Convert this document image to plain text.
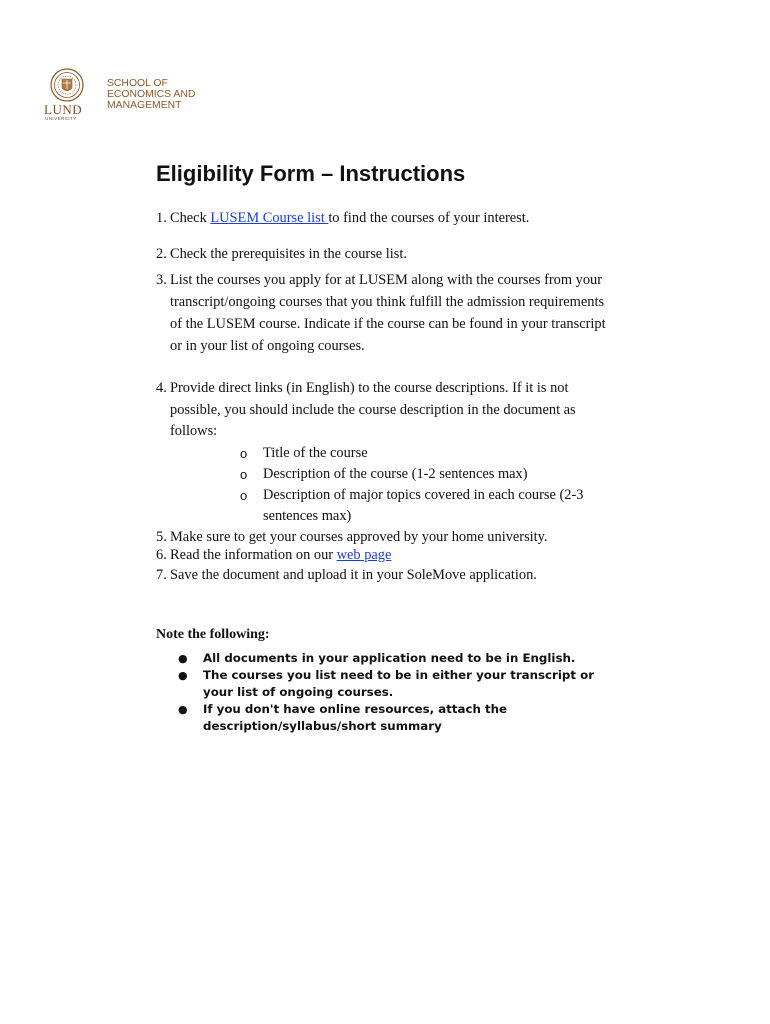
LUND
UNIVERSITY
SCHOOL OF
ECONOMICS AND
MANAGEMENT
Eligibility Form – Instructions
1. Check LUSEM Course list to find the courses of your interest.
2. Check the prerequisites in the course list.
3. List the courses you apply for at LUSEM along with the courses from your
transcript/ongoing courses that you think fulfill the admission requirements
of the LUSEM course. Indicate if the course can be found in your transcript
or in your list of ongoing courses.
4. Provide direct links (in English) to the course descriptions. If it is not
possible, you should include the course description in the document as
follows:
o Title of the course
o Description of the course (1-2 sentences max)
o Description of major topics covered in each course (2-3 sentences max)
5. Make sure to get your courses approved by your home university.
6. Read the information on our web page
7. Save the document and upload it in your SoleMove application.

Note the following:

● All documents in your application need to be in English.
● The courses you list need to be in either your transcript or your list of ongoing courses.
● If you don't have online resources, attach the description/syllabus/short summary
